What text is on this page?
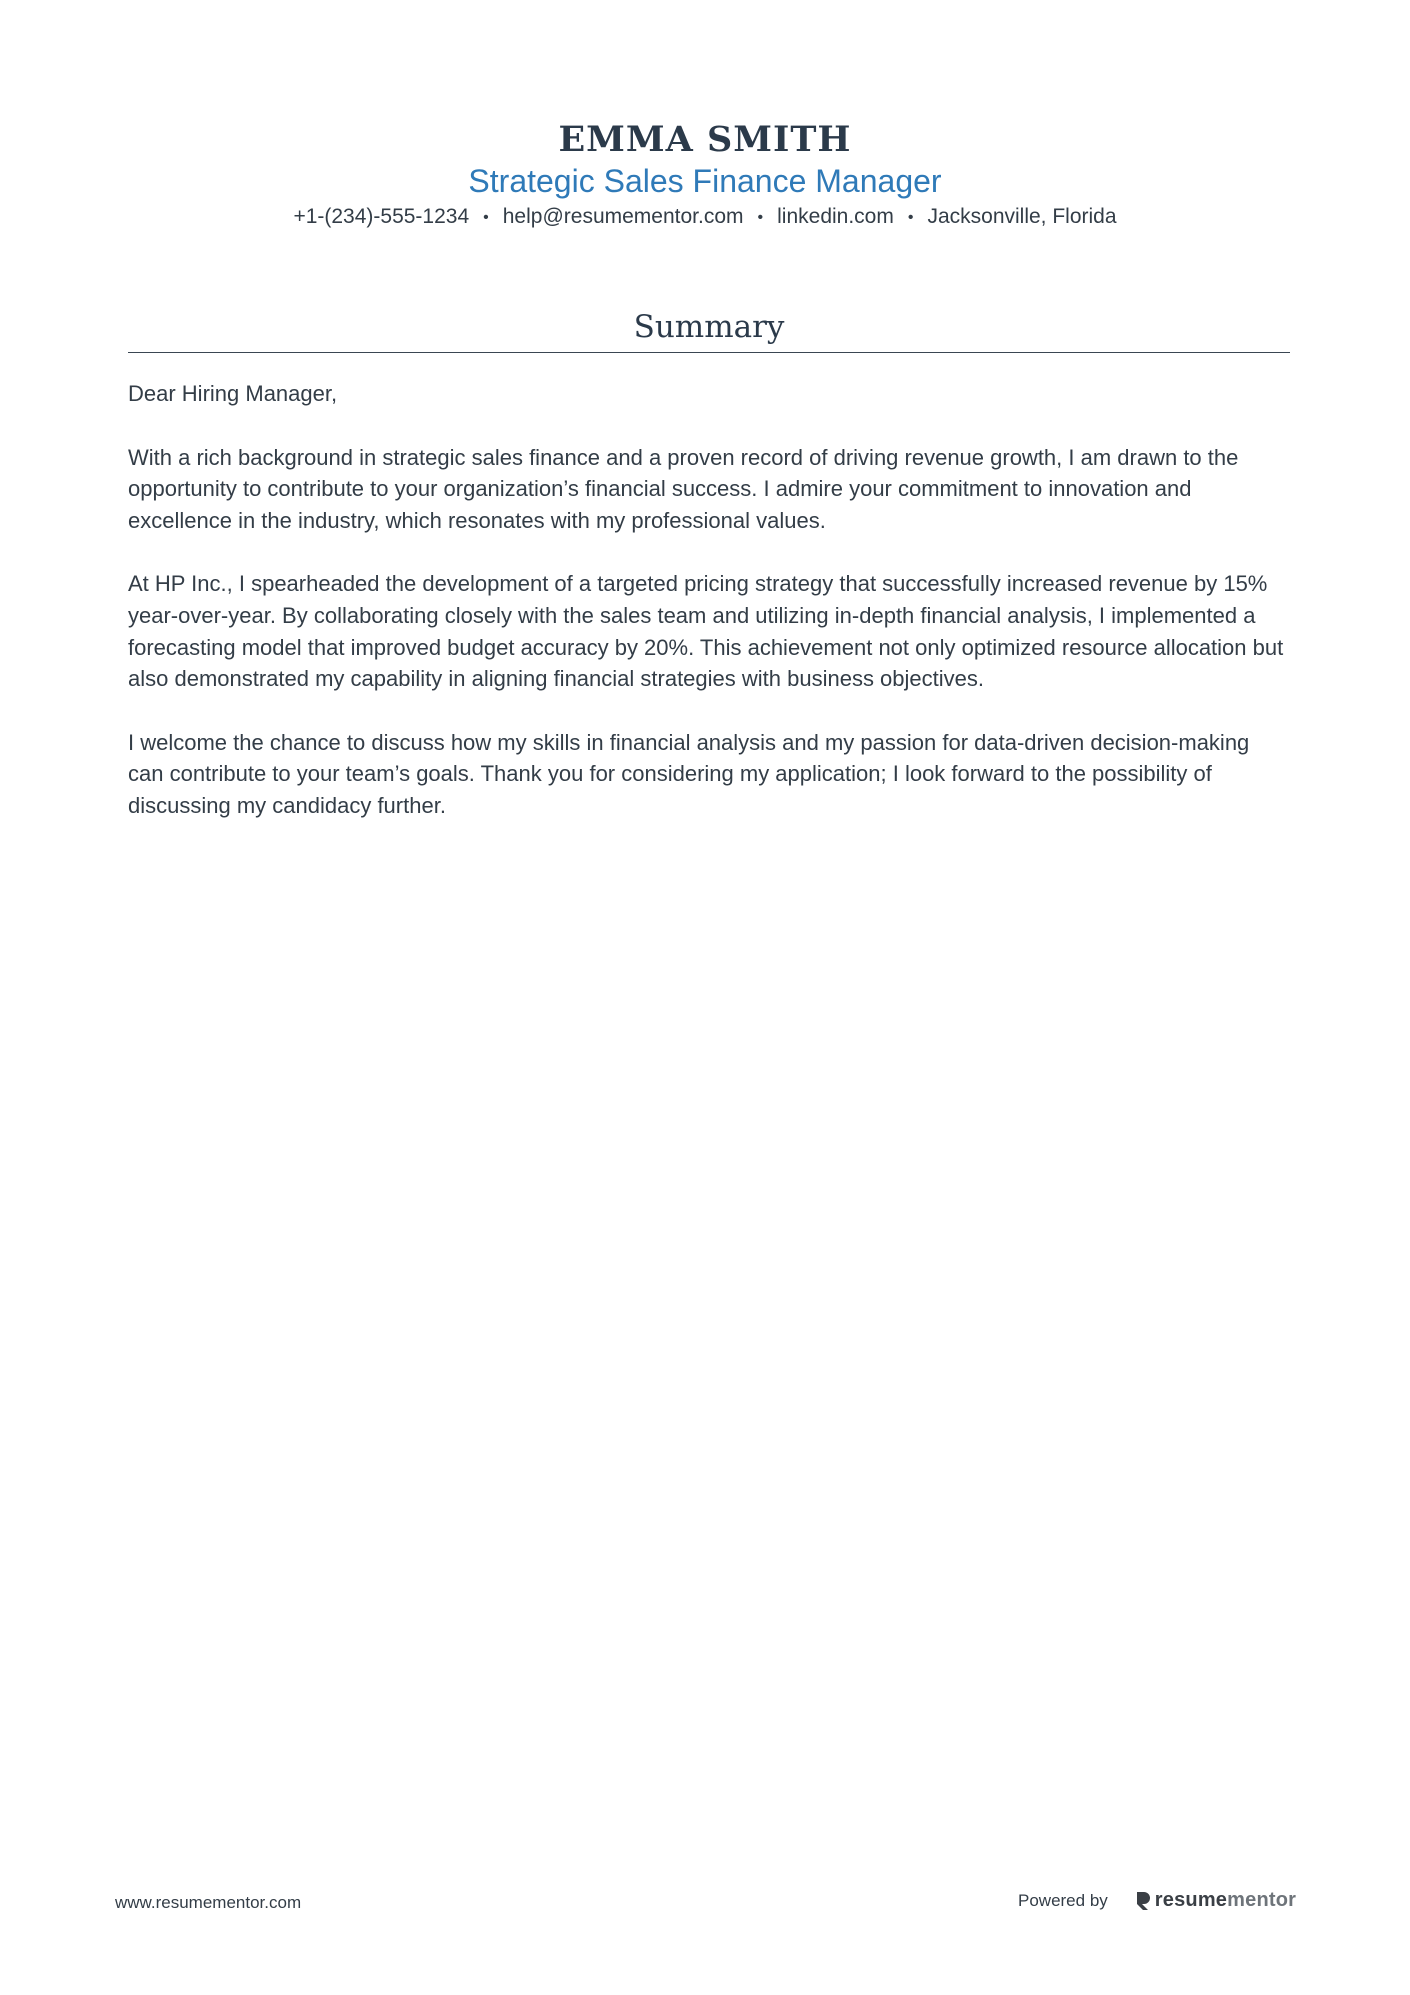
EMMA SMITH
Strategic Sales Finance Manager
+1-(234)-555-1234 • help@resumementor.com • linkedin.com • Jacksonville, Florida
Summary

Dear Hiring Manager,

With a rich background in strategic sales finance and a proven record of driving revenue growth, I am drawn to the opportunity to contribute to your organization’s financial success. I admire your commitment to innovation and excellence in the industry, which resonates with my professional values.

At HP Inc., I spearheaded the development of a targeted pricing strategy that successfully increased revenue by 15% year-over-year. By collaborating closely with the sales team and utilizing in-depth financial analysis, I implemented a forecasting model that improved budget accuracy by 20%. This achievement not only optimized resource allocation but also demonstrated my capability in aligning financial strategies with business objectives.

I welcome the chance to discuss how my skills in financial analysis and my passion for data-driven decision-making can contribute to your team’s goals. Thank you for considering my application; I look forward to the possibility of discussing my candidacy further.

www.resumementor.com	Powered by resume mentor
